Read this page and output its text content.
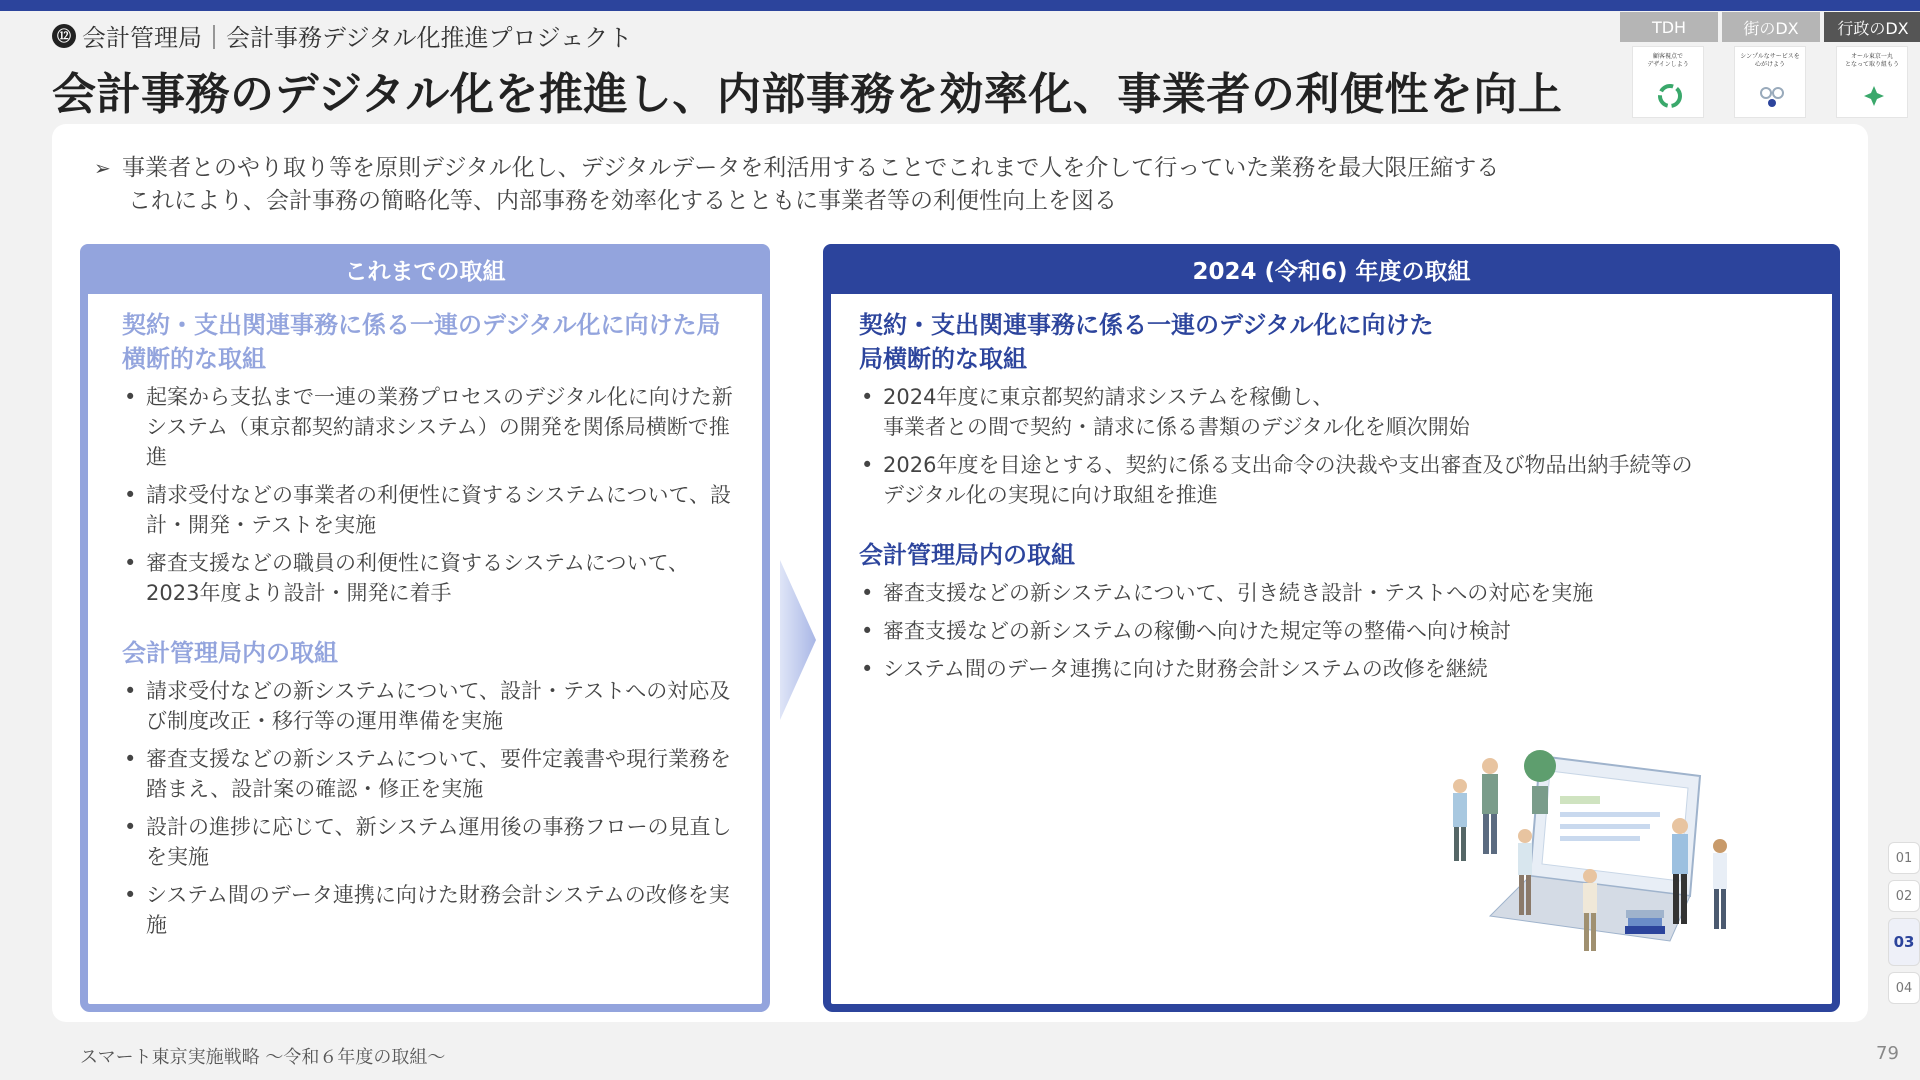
⑫ 会計管理局｜会計事務デジタル化推進プロジェクト
会計事務のデジタル化を推進し、内部事務を効率化、事業者の利便性を向上
TDH	街のDX	行政のDX
顧客視点で
デザインしよう
シンプルなサービスを
心がけよう
オール東京一丸
となって取り組もう
➢ 事業者とのやり取り等を原則デジタル化し、デジタルデータを利活用することでこれまで人を介して行っていた業務を最大限圧縮する
これにより、会計事務の簡略化等、内部事務を効率化するとともに事業者等の利便性向上を図る
これまでの取組
契約・支出関連事務に係る一連のデジタル化に向けた局横断的な取組
• 起案から支払まで一連の業務プロセスのデジタル化に向けた新システム（東京都契約請求システム）の開発を関係局横断で推進
• 請求受付などの事業者の利便性に資するシステムについて、設計・開発・テストを実施
• 審査支援などの職員の利便性に資するシステムについて、2023年度より設計・開発に着手
会計管理局内の取組
• 請求受付などの新システムについて、設計・テストへの対応及び制度改正・移行等の運用準備を実施
• 審査支援などの新システムについて、要件定義書や現行業務を踏まえ、設計案の確認・修正を実施
• 設計の進捗に応じて、新システム運用後の事務フローの見直しを実施
• システム間のデータ連携に向けた財務会計システムの改修を実施
2024 (令和6) 年度の取組
契約・支出関連事務に係る一連のデジタル化に向けた
局横断的な取組
• 2024年度に東京都契約請求システムを稼働し、
事業者との間で契約・請求に係る書類のデジタル化を順次開始
• 2026年度を目途とする、契約に係る支出命令の決裁や支出審査及び物品出納手続等の
デジタル化の実現に向け取組を推進
会計管理局内の取組
• 審査支援などの新システムについて、引き続き設計・テストへの対応を実施
• 審査支援などの新システムの稼働へ向けた規定等の整備へ向け検討
• システム間のデータ連携に向けた財務会計システムの改修を継続
01
02
03
04
スマート東京実施戦略 〜令和６年度の取組〜	79
